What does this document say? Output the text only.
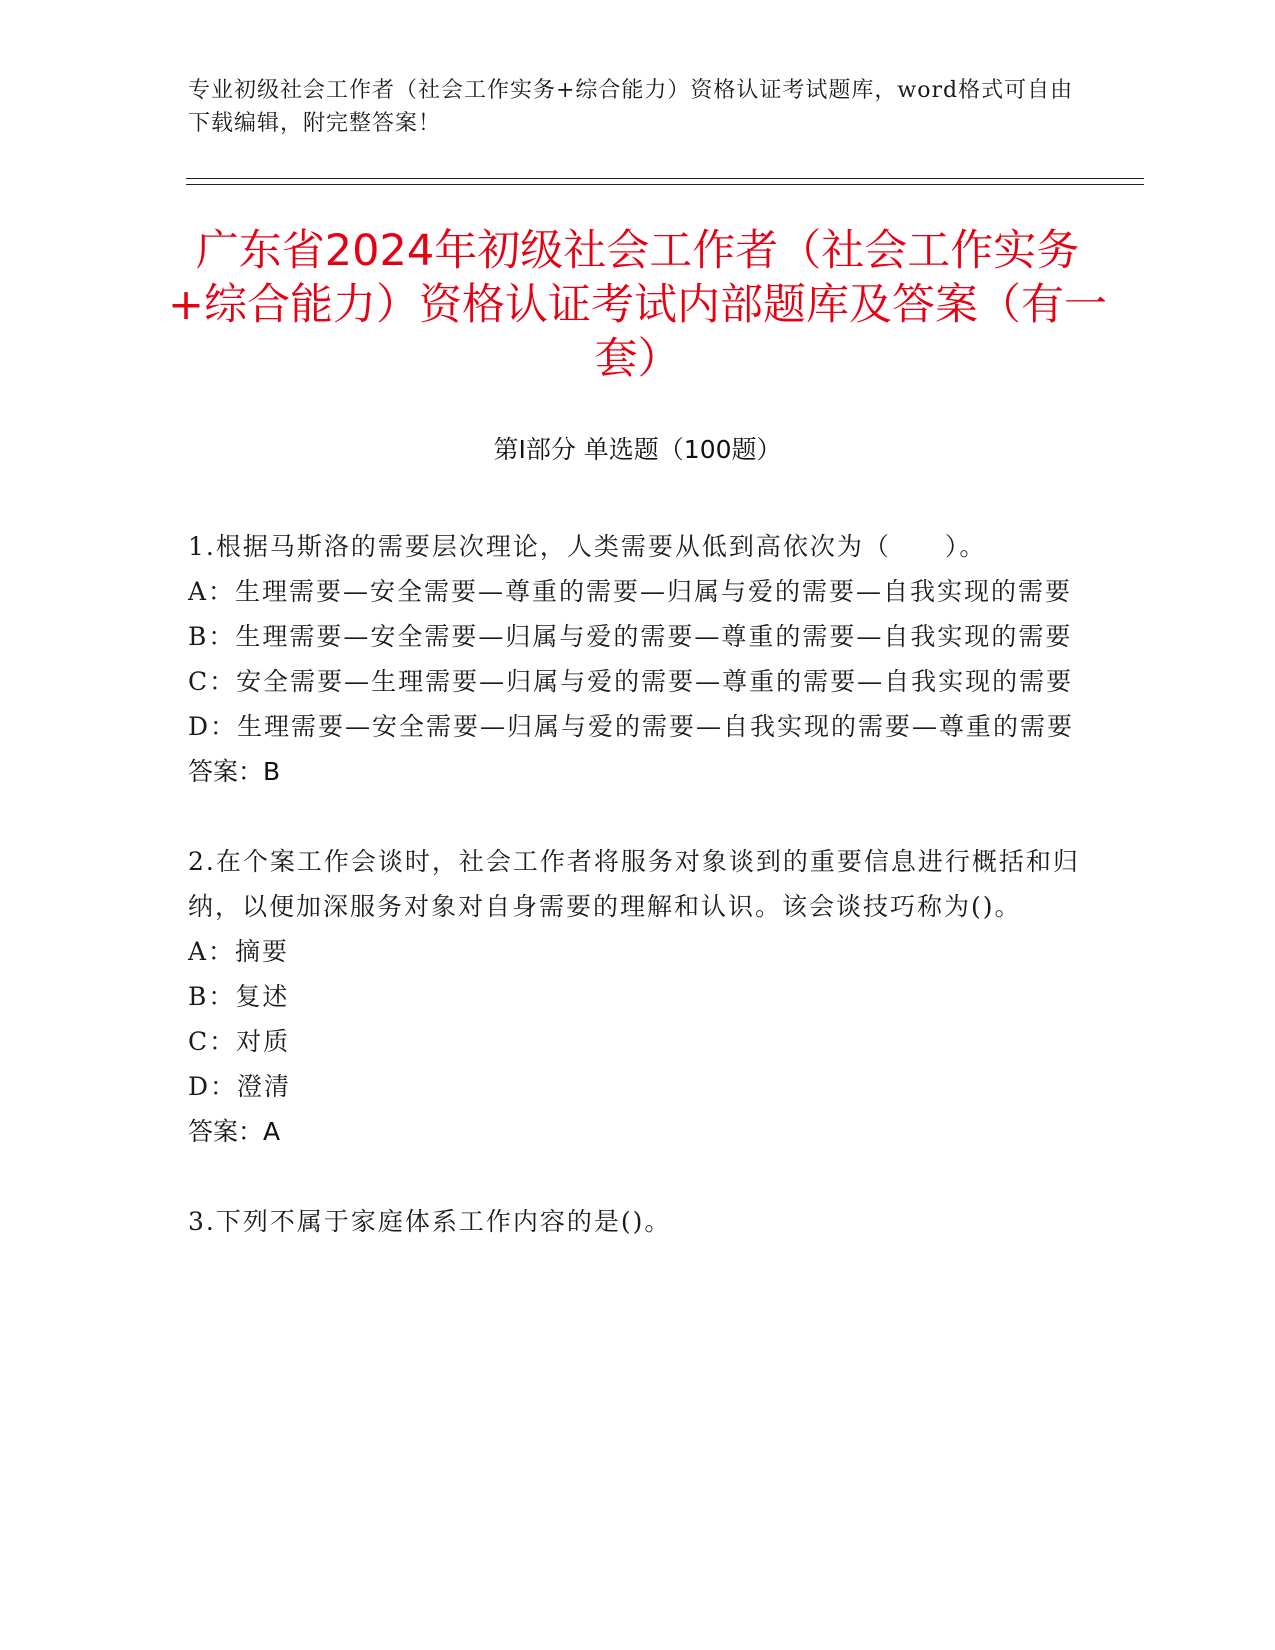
专业初级社会工作者（社会工作实务+综合能力）资格认证考试题库，word格式可自由下载编辑，附完整答案！
广东省2024年初级社会工作者（社会工作实务+综合能力）资格认证考试内部题库及答案（有一套）
第Ⅰ部分 单选题（100题）
1.根据马斯洛的需要层次理论，人类需要从低到高依次为（　　）。
A：生理需要—安全需要—尊重的需要—归属与爱的需要—自我实现的需要
B：生理需要—安全需要—归属与爱的需要—尊重的需要—自我实现的需要
C：安全需要—生理需要—归属与爱的需要—尊重的需要—自我实现的需要
D：生理需要—安全需要—归属与爱的需要—自我实现的需要—尊重的需要
答案：B
2.在个案工作会谈时，社会工作者将服务对象谈到的重要信息进行概括和归纳，以便加深服务对象对自身需要的理解和认识。该会谈技巧称为()。
A：摘要
B：复述
C：对质
D：澄清
答案：A
3.下列不属于家庭体系工作内容的是()。
